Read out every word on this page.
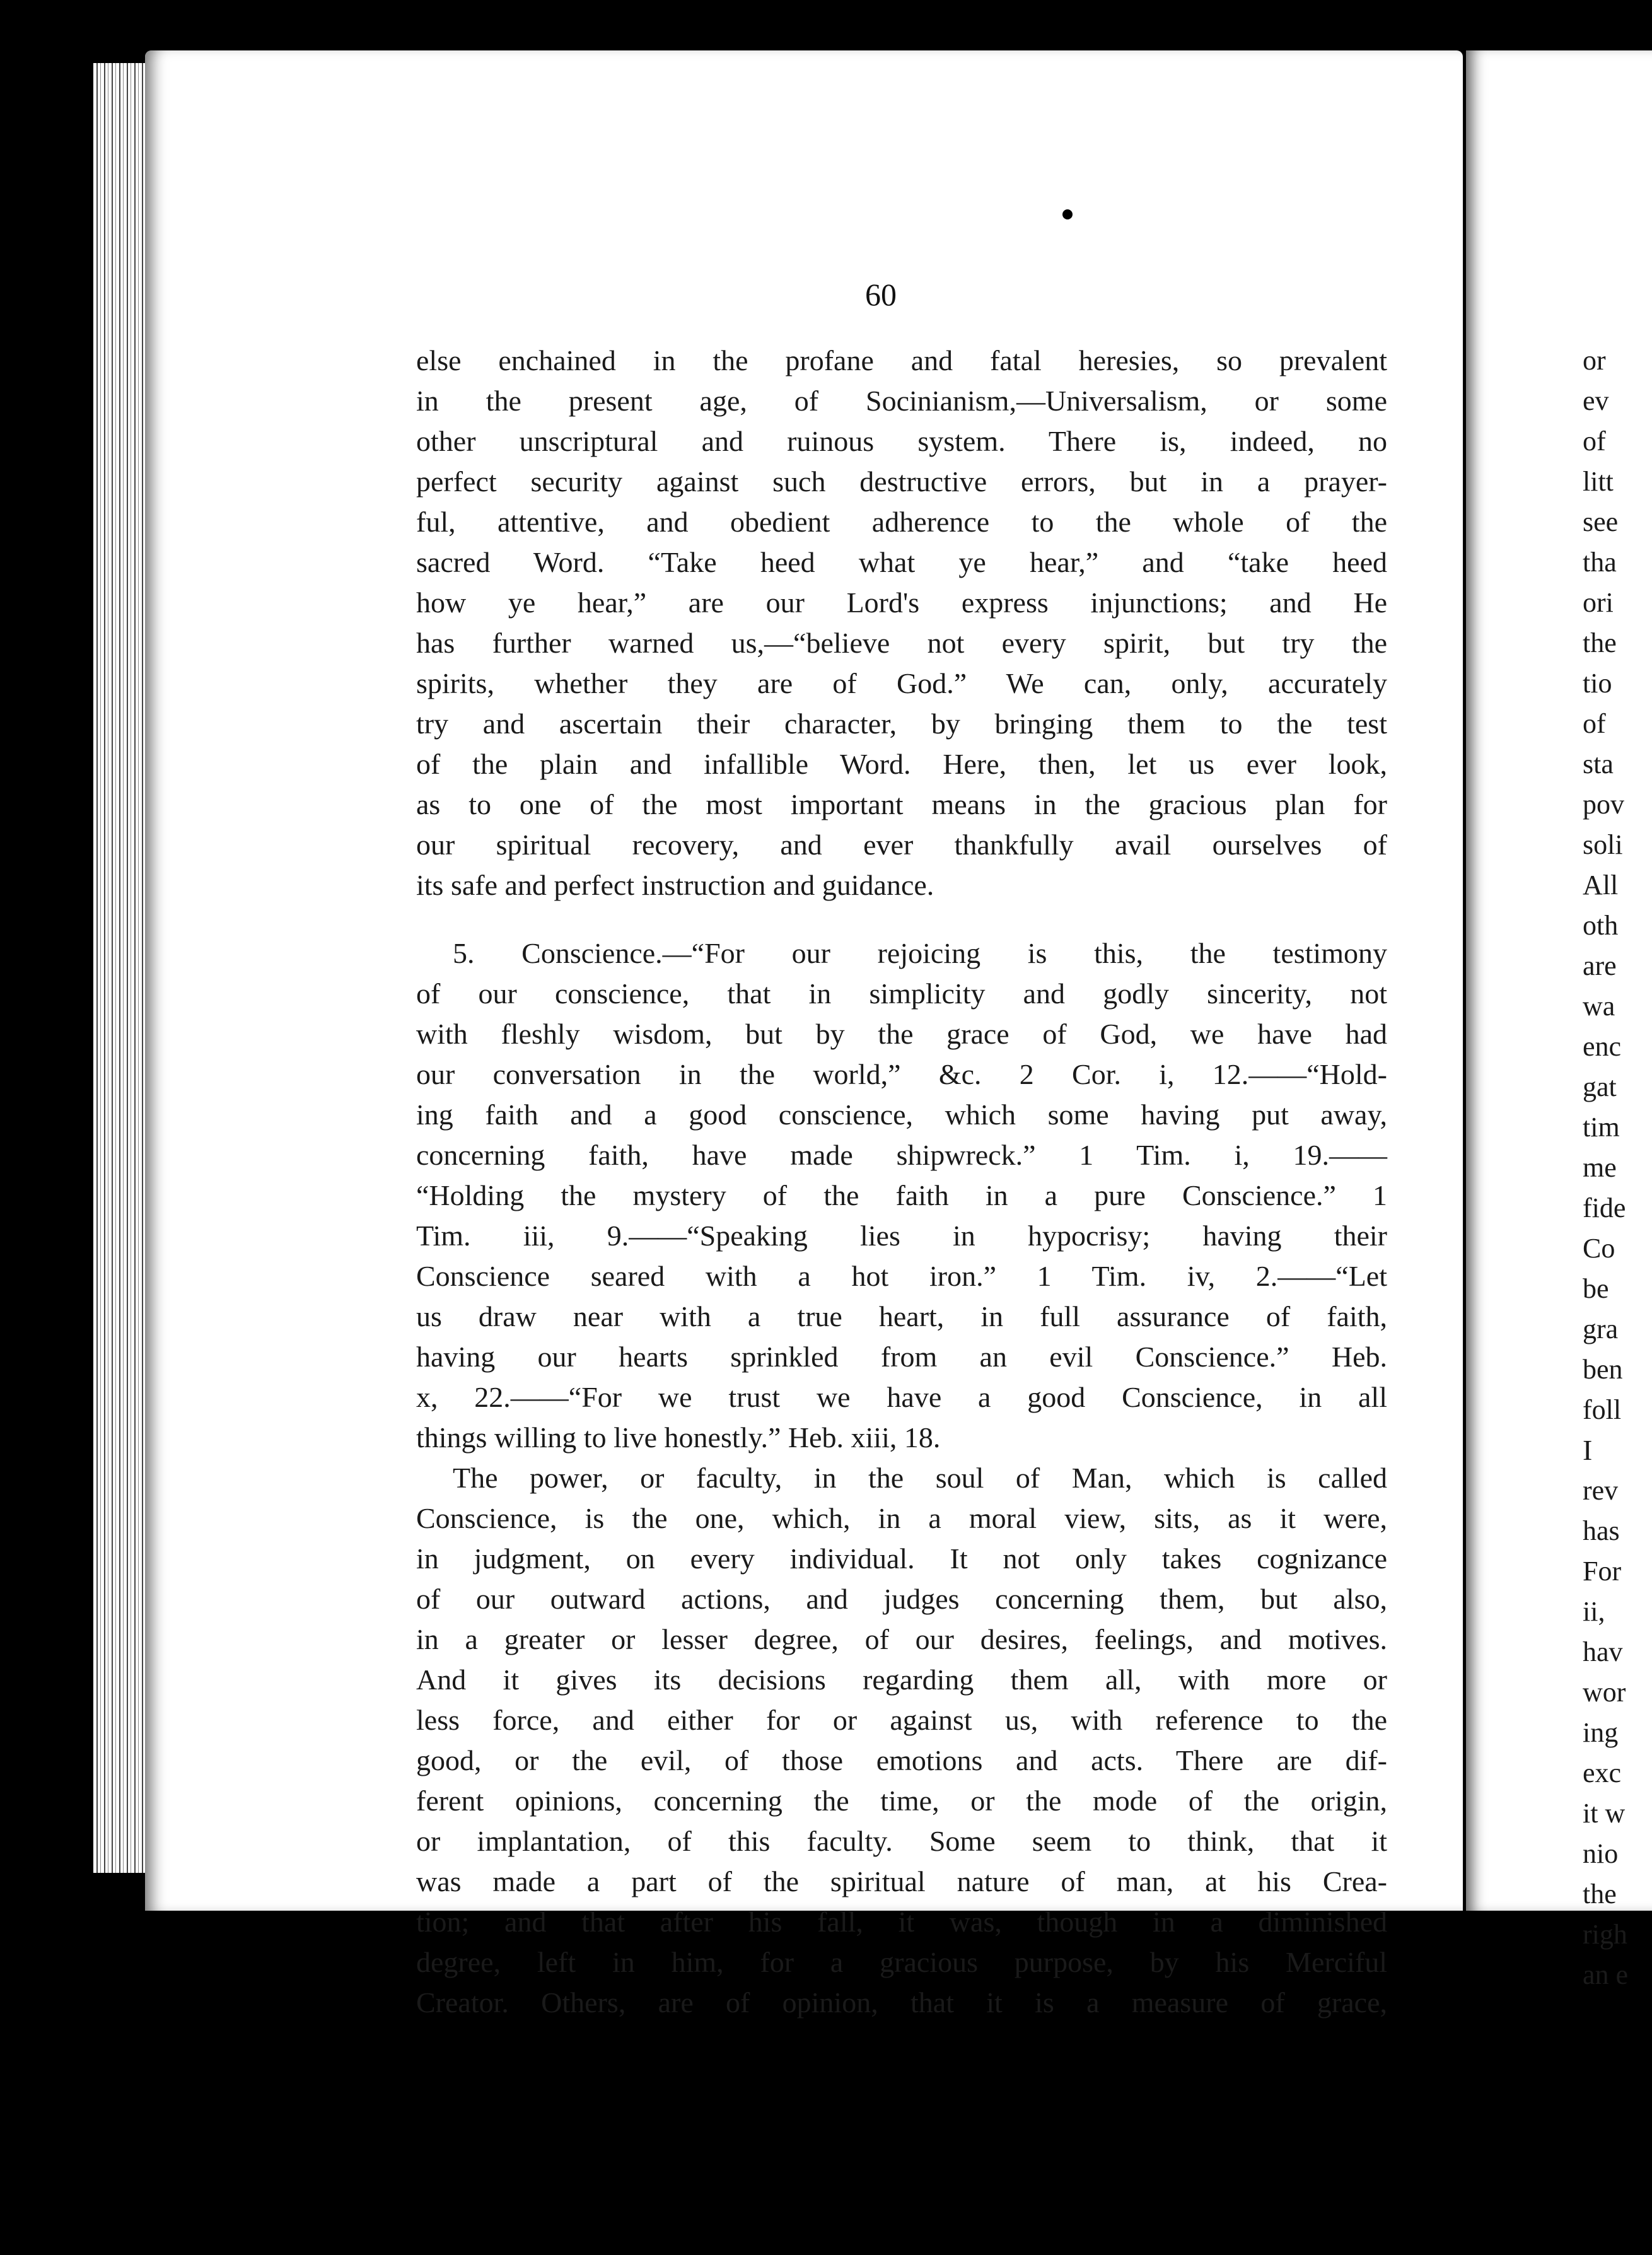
60
else enchained in the profane and fatal heresies, so prevalent
in the present age, of Socinianism,—Universalism, or some
other unscriptural and ruinous system. There is, indeed, no
perfect security against such destructive errors, but in a prayer-
ful, attentive, and obedient adherence to the whole of the
sacred Word. “Take heed what ye hear,” and “take heed
how ye hear,” are our Lord's express injunctions; and He
has further warned us,—“believe not every spirit, but try the
spirits, whether they are of God.” We can, only, accurately
try and ascertain their character, by bringing them to the test
of the plain and infallible Word. Here, then, let us ever look,
as to one of the most important means in the gracious plan for
our spiritual recovery, and ever thankfully avail ourselves of
its safe and perfect instruction and guidance.
5. Conscience.—“For our rejoicing is this, the testimony
of our conscience, that in simplicity and godly sincerity, not
with fleshly wisdom, but by the grace of God, we have had
our conversation in the world,” &c. 2 Cor. i, 12.——“Hold-
ing faith and a good conscience, which some having put away,
concerning faith, have made shipwreck.” 1 Tim. i, 19.——
“Holding the mystery of the faith in a pure Conscience.” 1
Tim. iii, 9.——“Speaking lies in hypocrisy; having their
Conscience seared with a hot iron.” 1 Tim. iv, 2.——“Let
us draw near with a true heart, in full assurance of faith,
having our hearts sprinkled from an evil Conscience.” Heb.
x, 22.——“For we trust we have a good Conscience, in all
things willing to live honestly.” Heb. xiii, 18.
The power, or faculty, in the soul of Man, which is called
Conscience, is the one, which, in a moral view, sits, as it were,
in judgment, on every individual. It not only takes cognizance
of our outward actions, and judges concerning them, but also,
in a greater or lesser degree, of our desires, feelings, and motives.
And it gives its decisions regarding them all, with more or
less force, and either for or against us, with reference to the
good, or the evil, of those emotions and acts. There are dif-
ferent opinions, concerning the time, or the mode of the origin,
or implantation, of this faculty. Some seem to think, that it
was made a part of the spiritual nature of man, at his Crea-
tion; and that after his fall, it was, though in a diminished
degree, left in him, for a gracious purpose, by his Merciful
Creator. Others, are of opinion, that it is a measure of grace,
or
ev
of
litt
see
tha
ori
the
tio
of
sta
pov
soli
All
oth
are
wa
enc
gat
tim
me
fide
Co
be
gra
ben
foll
I
rev
has
For
ii,
hav
wor
ing
exc
it w
nio
the
righ
an e
